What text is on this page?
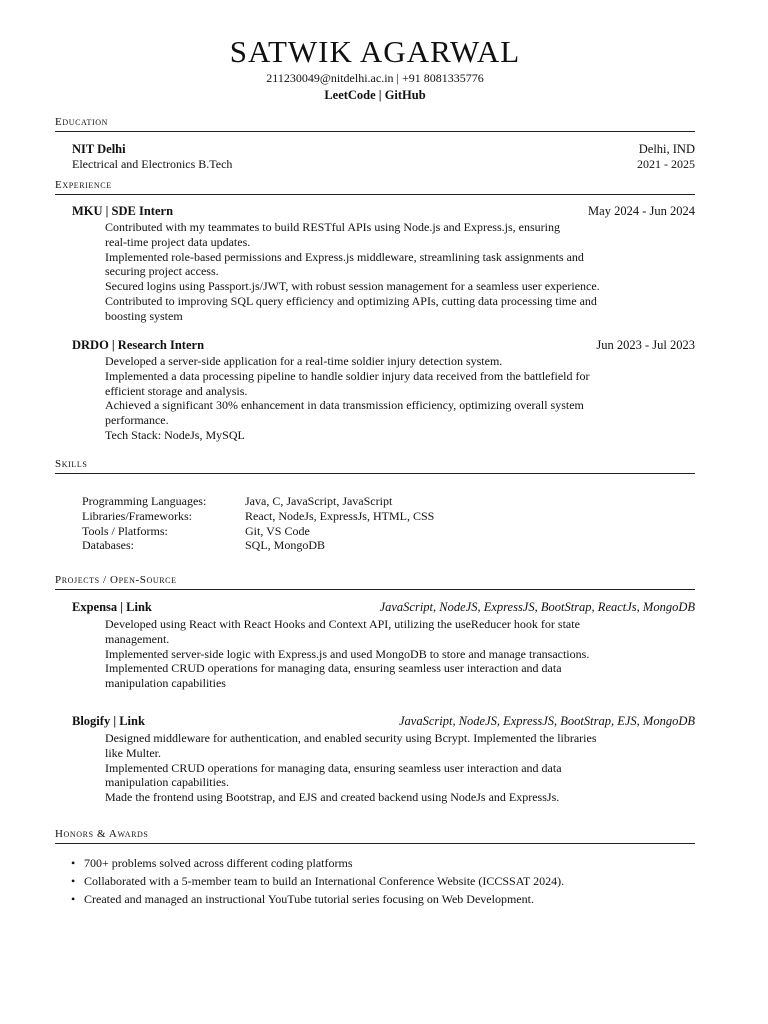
SATWIK AGARWAL
211230049@nitdelhi.ac.in | +91 8081335776
LeetCode | GitHub
Education
NIT Delhi	Delhi, IND
Electrical and Electronics B.Tech	2021 - 2025
Experience
MKU | SDE Intern	May 2024 - Jun 2024
Contributed with my teammates to build RESTful APIs using Node.js and Express.js, ensuring
real-time project data updates.
Implemented role-based permissions and Express.js middleware, streamlining task assignments and
securing project access.
Secured logins using Passport.js/JWT, with robust session management for a seamless user experience.
Contributed to improving SQL query efficiency and optimizing APIs, cutting data processing time and
boosting system
DRDO | Research Intern	Jun 2023 - Jul 2023
Developed a server-side application for a real-time soldier injury detection system.
Implemented a data processing pipeline to handle soldier injury data received from the battlefield for
efficient storage and analysis.
Achieved a significant 30% enhancement in data transmission efficiency, optimizing overall system
performance.
Tech Stack: NodeJs, MySQL
Skills
Programming Languages:	Java, C, JavaScript, JavaScript
Libraries/Frameworks:	React, NodeJs, ExpressJs, HTML, CSS
Tools / Platforms:	Git, VS Code
Databases:	SQL, MongoDB
Projects / Open-Source
Expensa | Link	JavaScript, NodeJS, ExpressJS, BootStrap, ReactJs, MongoDB
Developed using React with React Hooks and Context API, utilizing the useReducer hook for state
management.
Implemented server-side logic with Express.js and used MongoDB to store and manage transactions.
Implemented CRUD operations for managing data, ensuring seamless user interaction and data
manipulation capabilities
Blogify | Link	JavaScript, NodeJS, ExpressJS, BootStrap, EJS, MongoDB
Designed middleware for authentication, and enabled security using Bcrypt. Implemented the libraries
like Multer.
Implemented CRUD operations for managing data, ensuring seamless user interaction and data
manipulation capabilities.
Made the frontend using Bootstrap, and EJS and created backend using NodeJs and ExpressJs.
Honors & Awards
• 700+ problems solved across different coding platforms
• Collaborated with a 5-member team to build an International Conference Website (ICCSSAT 2024).
• Created and managed an instructional YouTube tutorial series focusing on Web Development.
